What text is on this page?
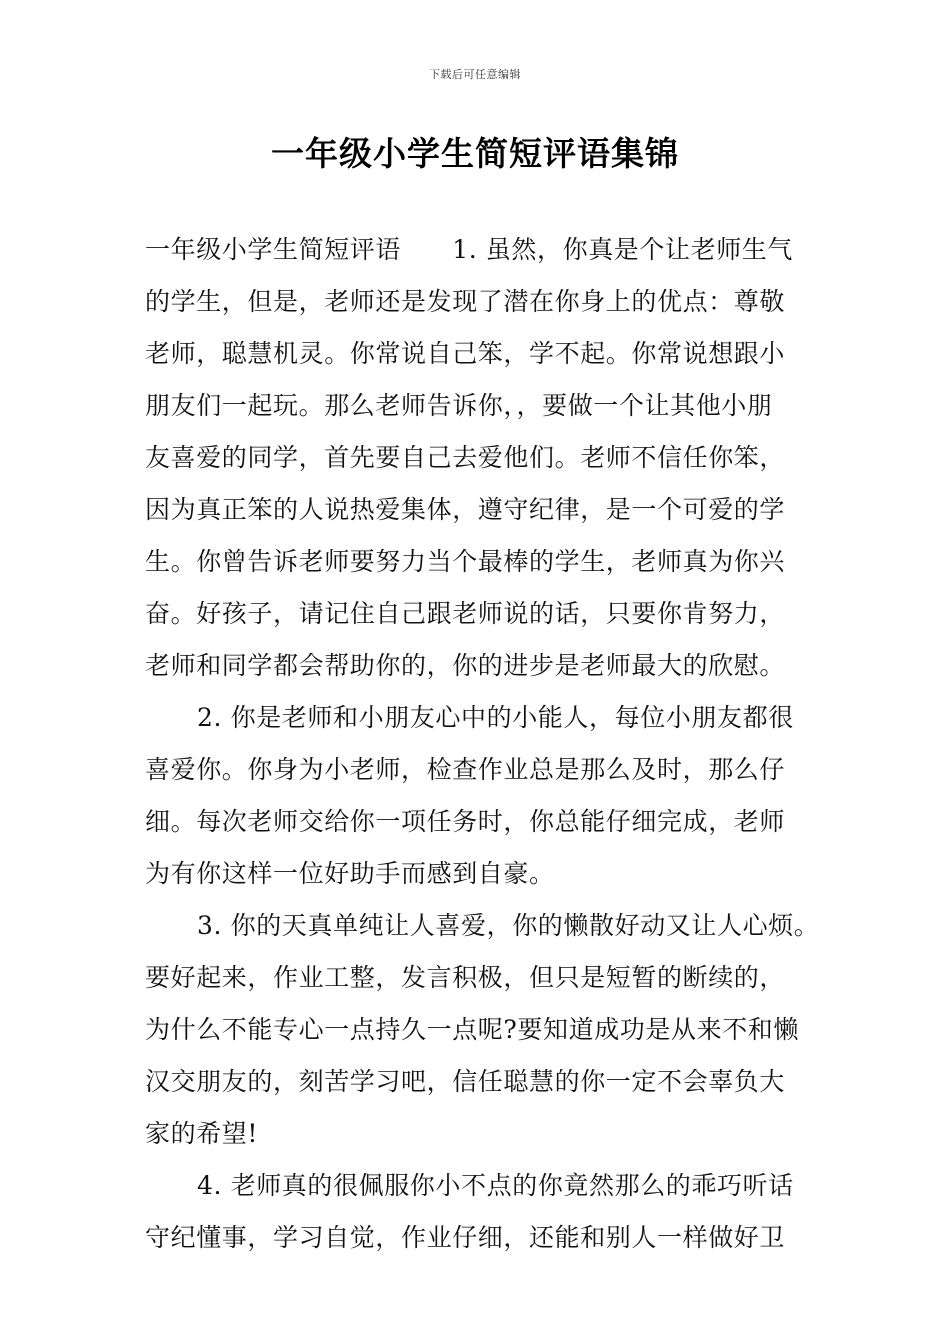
下载后可任意编辑
一年级小学生简短评语集锦
一年级小学生简短评语　　1. 虽然，你真是个让老师生气
的学生，但是，老师还是发现了潜在你身上的优点：尊敬
老师，聪慧机灵。你常说自己笨，学不起。你常说想跟小
朋友们一起玩。那么老师告诉你，，要做一个让其他小朋
友喜爱的同学，首先要自己去爱他们。老师不信任你笨，
因为真正笨的人说热爱集体，遵守纪律，是一个可爱的学
生。你曾告诉老师要努力当个最棒的学生，老师真为你兴
奋。好孩子，请记住自己跟老师说的话，只要你肯努力，
老师和同学都会帮助你的，你的进步是老师最大的欣慰。
2. 你是老师和小朋友心中的小能人，每位小朋友都很
喜爱你。你身为小老师，检查作业总是那么及时，那么仔
细。每次老师交给你一项任务时，你总能仔细完成，老师
为有你这样一位好助手而感到自豪。
3. 你的天真单纯让人喜爱，你的懒散好动又让人心烦。
要好起来，作业工整，发言积极，但只是短暂的断续的，
为什么不能专心一点持久一点呢?要知道成功是从来不和懒
汉交朋友的，刻苦学习吧，信任聪慧的你一定不会辜负大
家的希望!
4. 老师真的很佩服你小不点的你竟然那么的乖巧听话
守纪懂事，学习自觉，作业仔细，还能和别人一样做好卫
